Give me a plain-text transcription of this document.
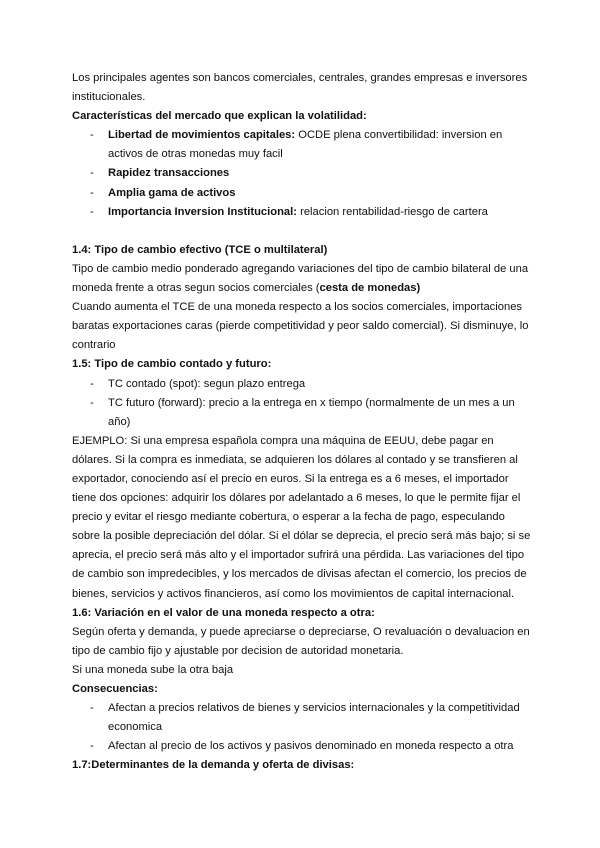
Los principales agentes son bancos comerciales, centrales, grandes empresas e inversores
institucionales.
Características del mercado que explican la volatilidad:
- Libertad de movimientos capitales: OCDE plena convertibilidad: inversion en
activos de otras monedas muy facil
- Rapidez transacciones
- Amplia gama de activos
- Importancia Inversion Institucional: relacion rentabilidad-riesgo de cartera
1.4: Tipo de cambio efectivo (TCE o multilateral)
Tipo de cambio medio ponderado agregando variaciones del tipo de cambio bilateral de una
moneda frente a otras segun socios comerciales (cesta de monedas)
Cuando aumenta el TCE de una moneda respecto a los socios comerciales, importaciones
baratas exportaciones caras (pierde competitividad y peor saldo comercial). Si disminuye, lo
contrario
1.5: Tipo de cambio contado y futuro:
- TC contado (spot): segun plazo entrega
- TC futuro (forward): precio a la entrega en x tiempo (normalmente de un mes a un
año)
EJEMPLO: Si una empresa española compra una máquina de EEUU, debe pagar en
dólares. Si la compra es inmediata, se adquieren los dólares al contado y se transfieren al
exportador, conociendo así el precio en euros. Si la entrega es a 6 meses, el importador
tiene dos opciones: adquirir los dólares por adelantado a 6 meses, lo que le permite fijar el
precio y evitar el riesgo mediante cobertura, o esperar a la fecha de pago, especulando
sobre la posible depreciación del dólar. Si el dólar se deprecia, el precio será más bajo; si se
aprecia, el precio será más alto y el importador sufrirá una pérdida. Las variaciones del tipo
de cambio son impredecibles, y los mercados de divisas afectan el comercio, los precios de
bienes, servicios y activos financieros, así como los movimientos de capital internacional.
1.6: Variación en el valor de una moneda respecto a otra:
Según oferta y demanda, y puede apreciarse o depreciarse, O revaluación o devaluacion en
tipo de cambio fijo y ajustable por decision de autoridad monetaria.
Si una moneda sube la otra baja
Consecuencias:
- Afectan a precios relativos de bienes y servicios internacionales y la competitividad
economica
- Afectan al precio de los activos y pasivos denominado en moneda respecto a otra
1.7:Determinantes de la demanda y oferta de divisas:
